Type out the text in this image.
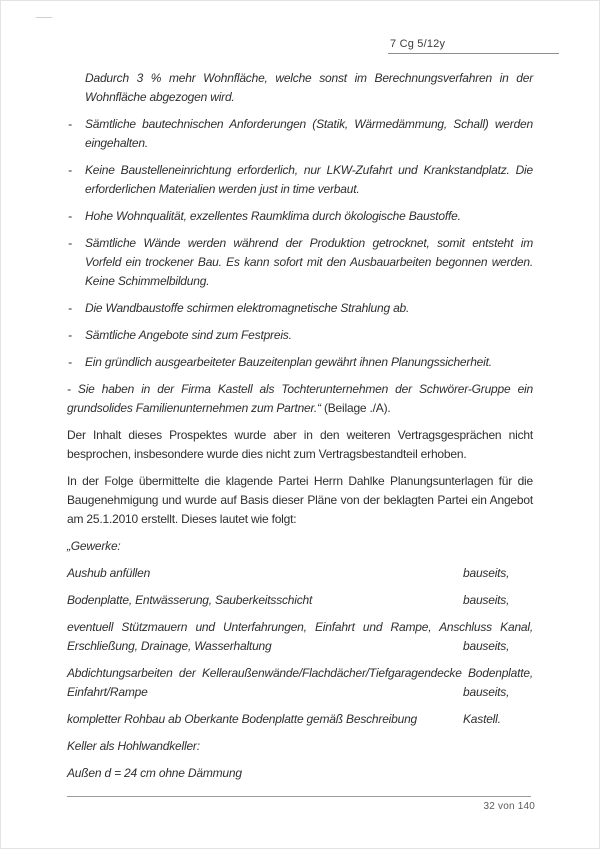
7 Cg 5/12y

Dadurch 3 % mehr Wohnfläche, welche sonst im Berechnungsverfahren in der Wohnfläche abgezogen wird.

- Sämtliche bautechnischen Anforderungen (Statik, Wärmedämmung, Schall) werden eingehalten.

- Keine Baustelleneinrichtung erforderlich, nur LKW-Zufahrt und Krankstandplatz. Die erforderlichen Materialien werden just in time verbaut.

- Hohe Wohnqualität, exzellentes Raumklima durch ökologische Baustoffe.

- Sämtliche Wände werden während der Produktion getrocknet, somit entsteht im Vorfeld ein trockener Bau. Es kann sofort mit den Ausbauarbeiten begonnen werden. Keine Schimmelbildung.

- Die Wandbaustoffe schirmen elektromagnetische Strahlung ab.

- Sämtliche Angebote sind zum Festpreis.

- Ein gründlich ausgearbeiteter Bauzeitenplan gewährt ihnen Planungssicherheit.

- Sie haben in der Firma Kastell als Tochterunternehmen der Schwörer-Gruppe ein grundsolides Familienunternehmen zum Partner.“ (Beilage ./A).

Der Inhalt dieses Prospektes wurde aber in den weiteren Vertragsgesprächen nicht besprochen, insbesondere wurde dies nicht zum Vertragsbestandteil erhoben.

In der Folge übermittelte die klagende Partei Herrn Dahlke Planungsunterlagen für die Baugenehmigung und wurde auf Basis dieser Pläne von der beklagten Partei ein Angebot am 25.1.2010 erstellt. Dieses lautet wie folgt:

„Gewerke:

Aushub anfüllen	bauseits,

Bodenplatte, Entwässerung, Sauberkeitsschicht	bauseits,

eventuell Stützmauern und Unterfahrungen, Einfahrt und Rampe, Anschluss Kanal,
Erschließung, Drainage, Wasserhaltung	bauseits,

Abdichtungsarbeiten der Kelleraußenwände/Flachdächer/Tiefgaragendecke Bodenplatte,
Einfahrt/Rampe	bauseits,

kompletter Rohbau ab Oberkante Bodenplatte gemäß Beschreibung	Kastell.

Keller als Hohlwandkeller:

Außen d = 24 cm ohne Dämmung

32 von 140
